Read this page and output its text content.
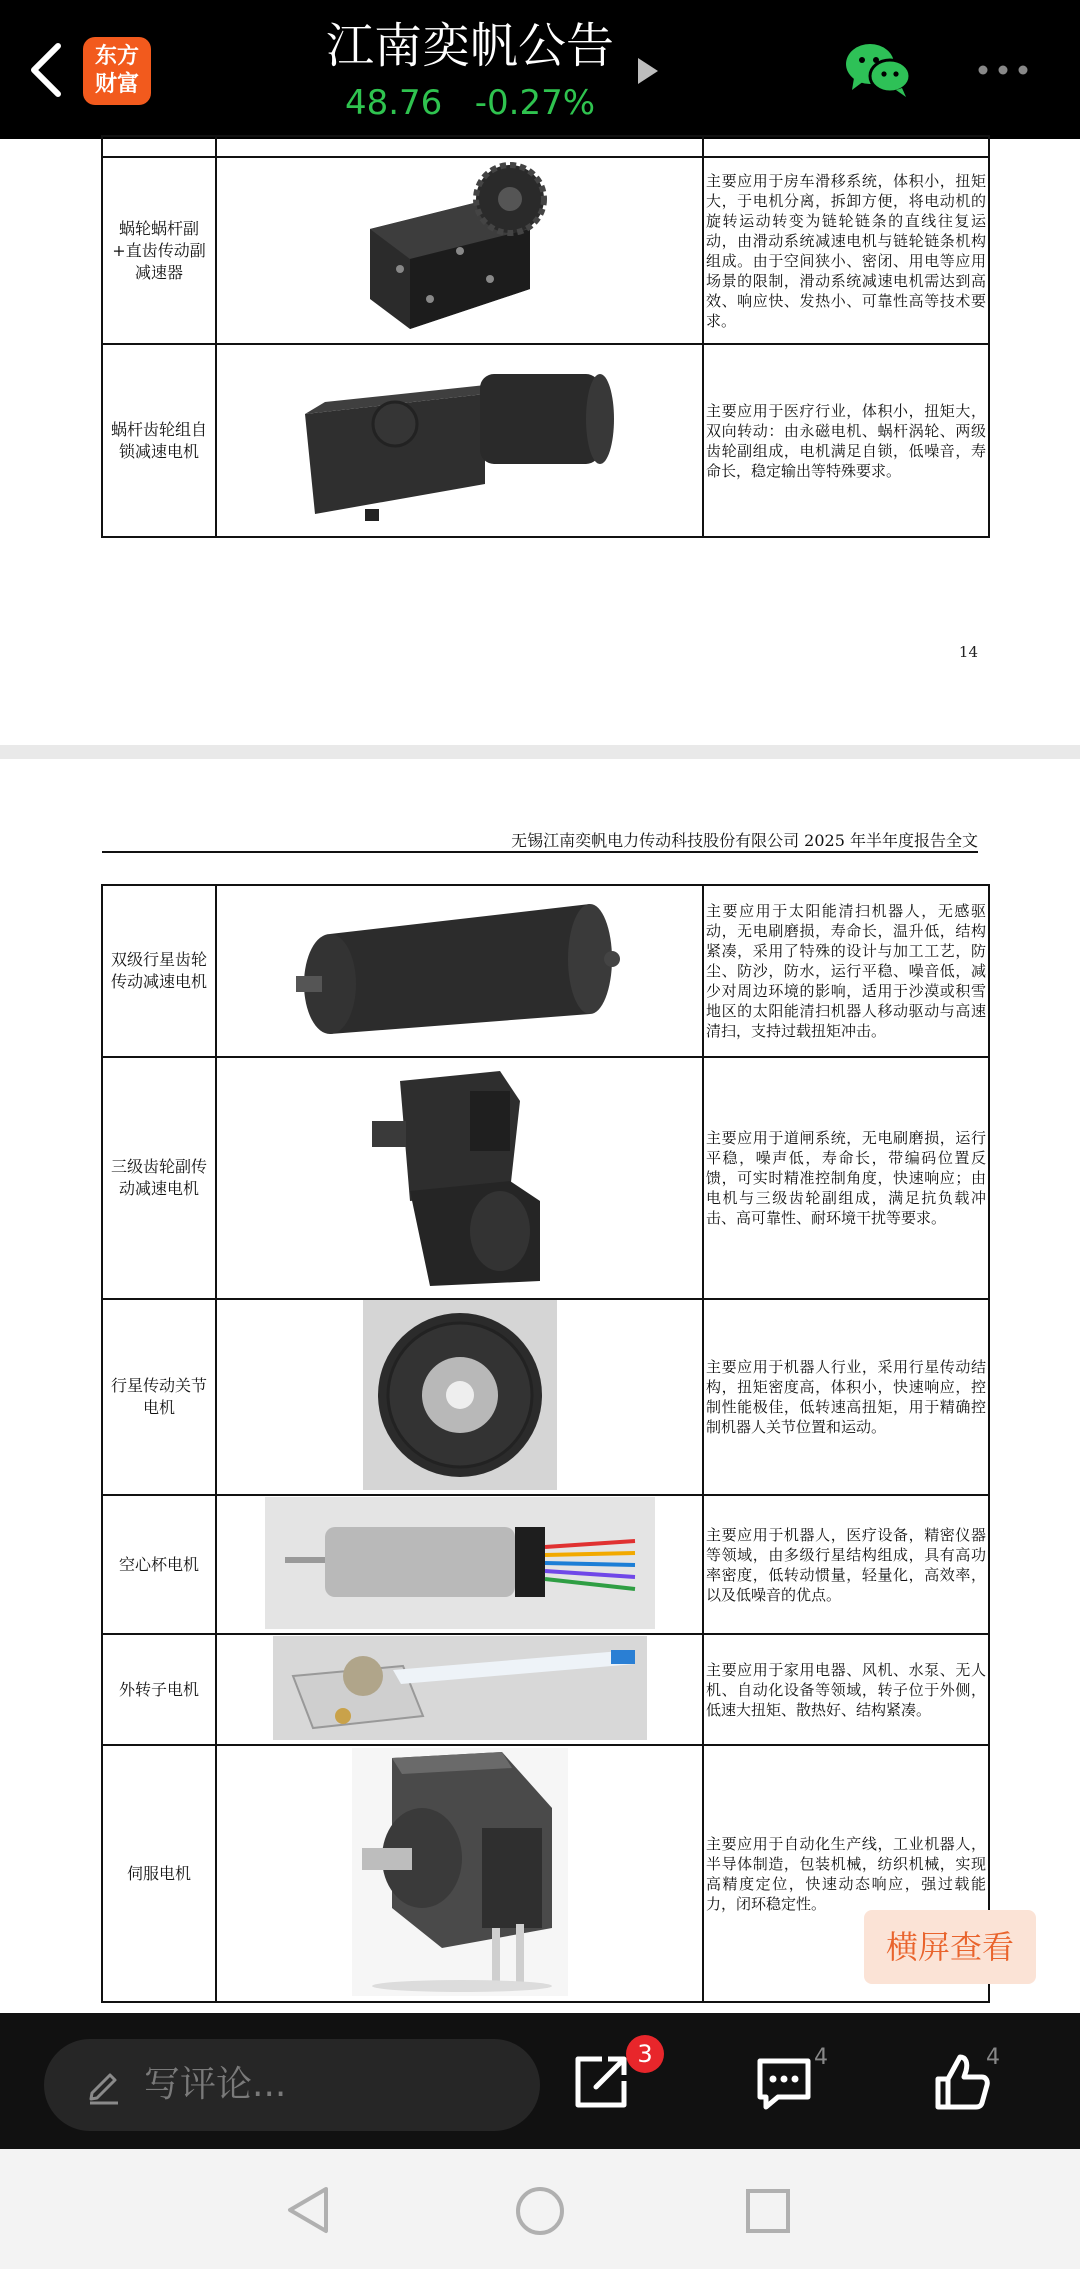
东方
财富
江南奕帆公告
48.76 -0.27%

蜗轮蜗杆副+直齿传动副减速器		主要应用于房车滑移系统，体积小，扭矩大，于电机分离，拆卸方便，将电动机的旋转运动转变为链轮链条的直线往复运动，由滑动系统减速电机与链轮链条机构组成。由于空间狭小、密闭、用电等应用场景的限制，滑动系统减速电机需达到高效、响应快、发热小、可靠性高等技术要求。
蜗杆齿轮组自锁减速电机		主要应用于医疗行业，体积小，扭矩大，双向转动：由永磁电机、蜗杆涡轮、两级齿轮副组成，电机满足自锁，低噪音，寿命长，稳定输出等特殊要求。
14
无锡江南奕帆电力传动科技股份有限公司 2025 年半年度报告全文
双级行星齿轮传动减速电机		主要应用于太阳能清扫机器人，无感驱动，无电刷磨损，寿命长，温升低，结构紧凑，采用了特殊的设计与加工工艺，防尘、防沙，防水，运行平稳、噪音低，减少对周边环境的影响，适用于沙漠或积雪地区的太阳能清扫机器人移动驱动与高速清扫，支持过载扭矩冲击。
三级齿轮副传动减速电机		主要应用于道闸系统，无电刷磨损，运行平稳，噪声低，寿命长，带编码位置反馈，可实时精准控制角度，快速响应；由电机与三级齿轮副组成，满足抗负载冲击、高可靠性、耐环境干扰等要求。
行星传动关节电机		主要应用于机器人行业，采用行星传动结构，扭矩密度高，体积小，快速响应，控制性能极佳，低转速高扭矩，用于精确控制机器人关节位置和运动。
空心杯电机		主要应用于机器人，医疗设备，精密仪器等领域，由多级行星结构组成，具有高功率密度，低转动惯量，轻量化，高效率，以及低噪音的优点。
外转子电机		主要应用于家用电器、风机、水泵、无人机、自动化设备等领域，转子位于外侧，低速大扭矩、散热好、结构紧凑。
伺服电机		主要应用于自动化生产线，工业机器人，半导体制造，包装机械，纺织机械，实现高精度定位，快速动态响应，强过载能力，闭环稳定性。
横屏查看
写评论...
3	4	4
